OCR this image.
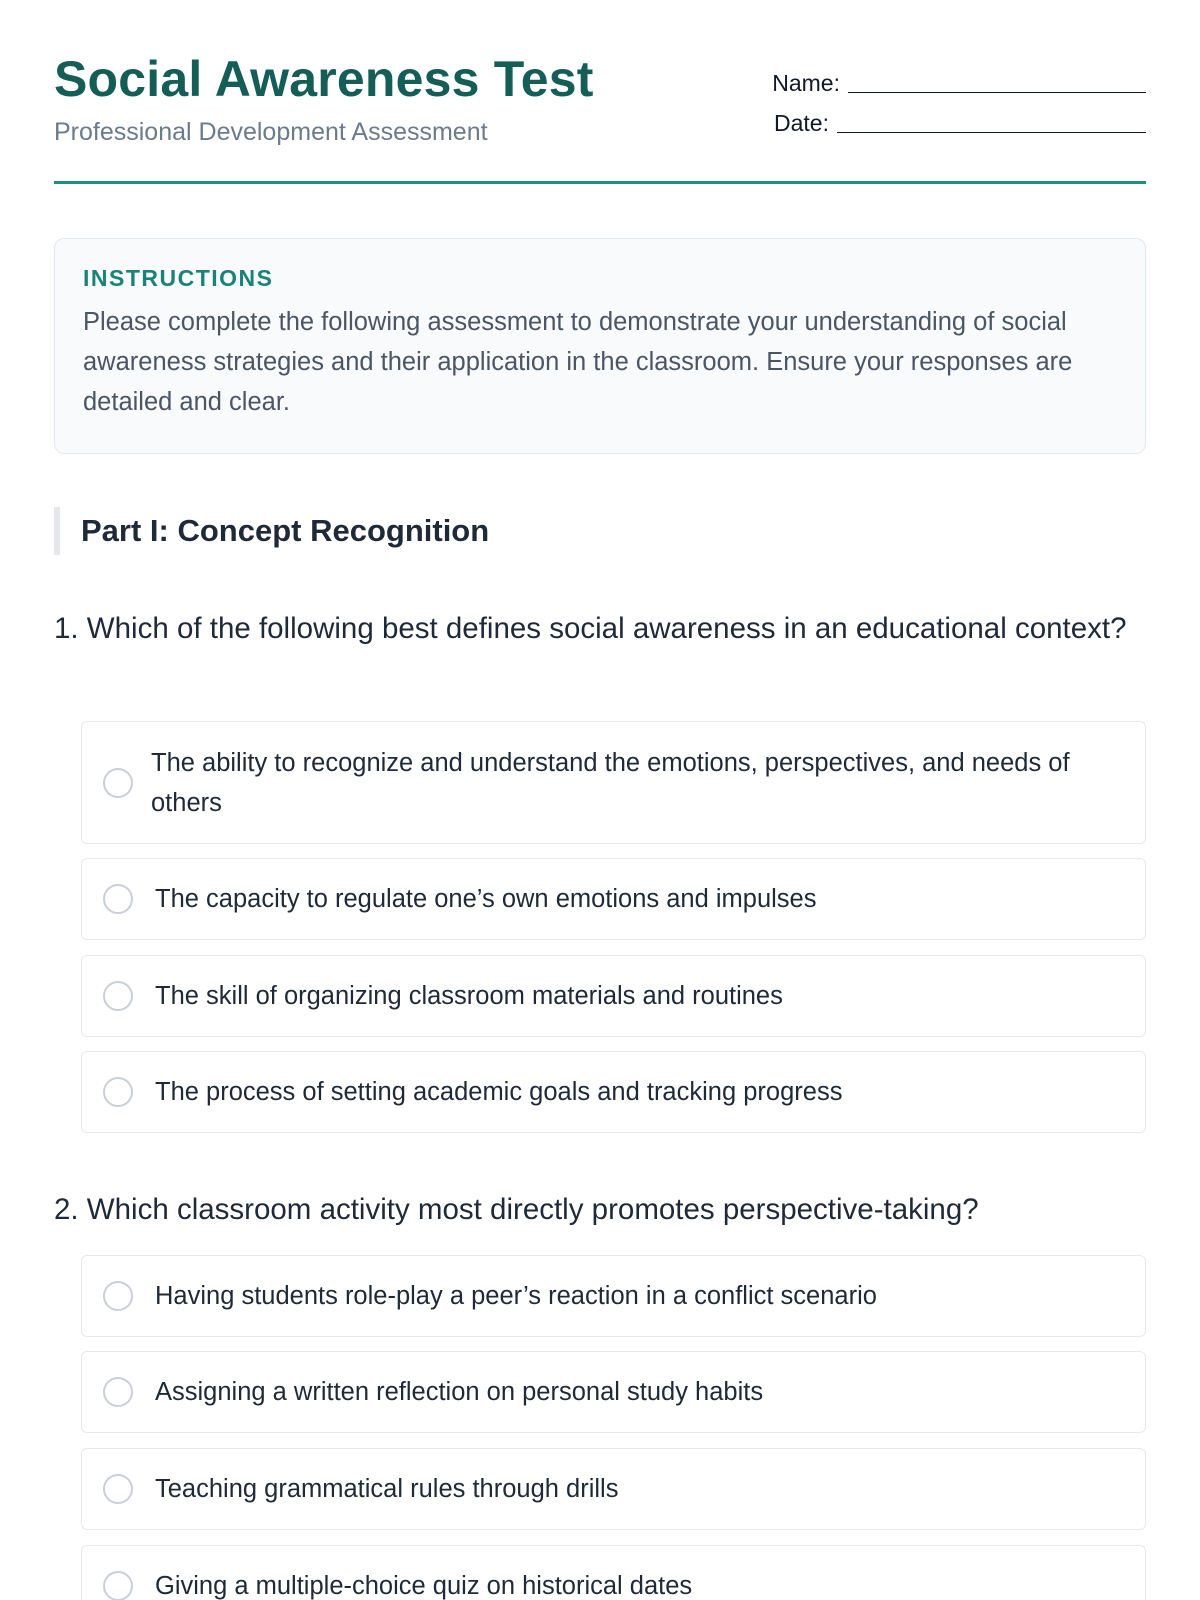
Social Awareness Test
Professional Development Assessment
Name:
Date:
INSTRUCTIONS
Please complete the following assessment to demonstrate your understanding of social awareness strategies and their application in the classroom. Ensure your responses are detailed and clear.
Part I: Concept Recognition
1. Which of the following best defines social awareness in an educational context?
The ability to recognize and understand the emotions, perspectives, and needs of others
The capacity to regulate one’s own emotions and impulses
The skill of organizing classroom materials and routines
The process of setting academic goals and tracking progress
2. Which classroom activity most directly promotes perspective-taking?
Having students role-play a peer’s reaction in a conflict scenario
Assigning a written reflection on personal study habits
Teaching grammatical rules through drills
Giving a multiple-choice quiz on historical dates
